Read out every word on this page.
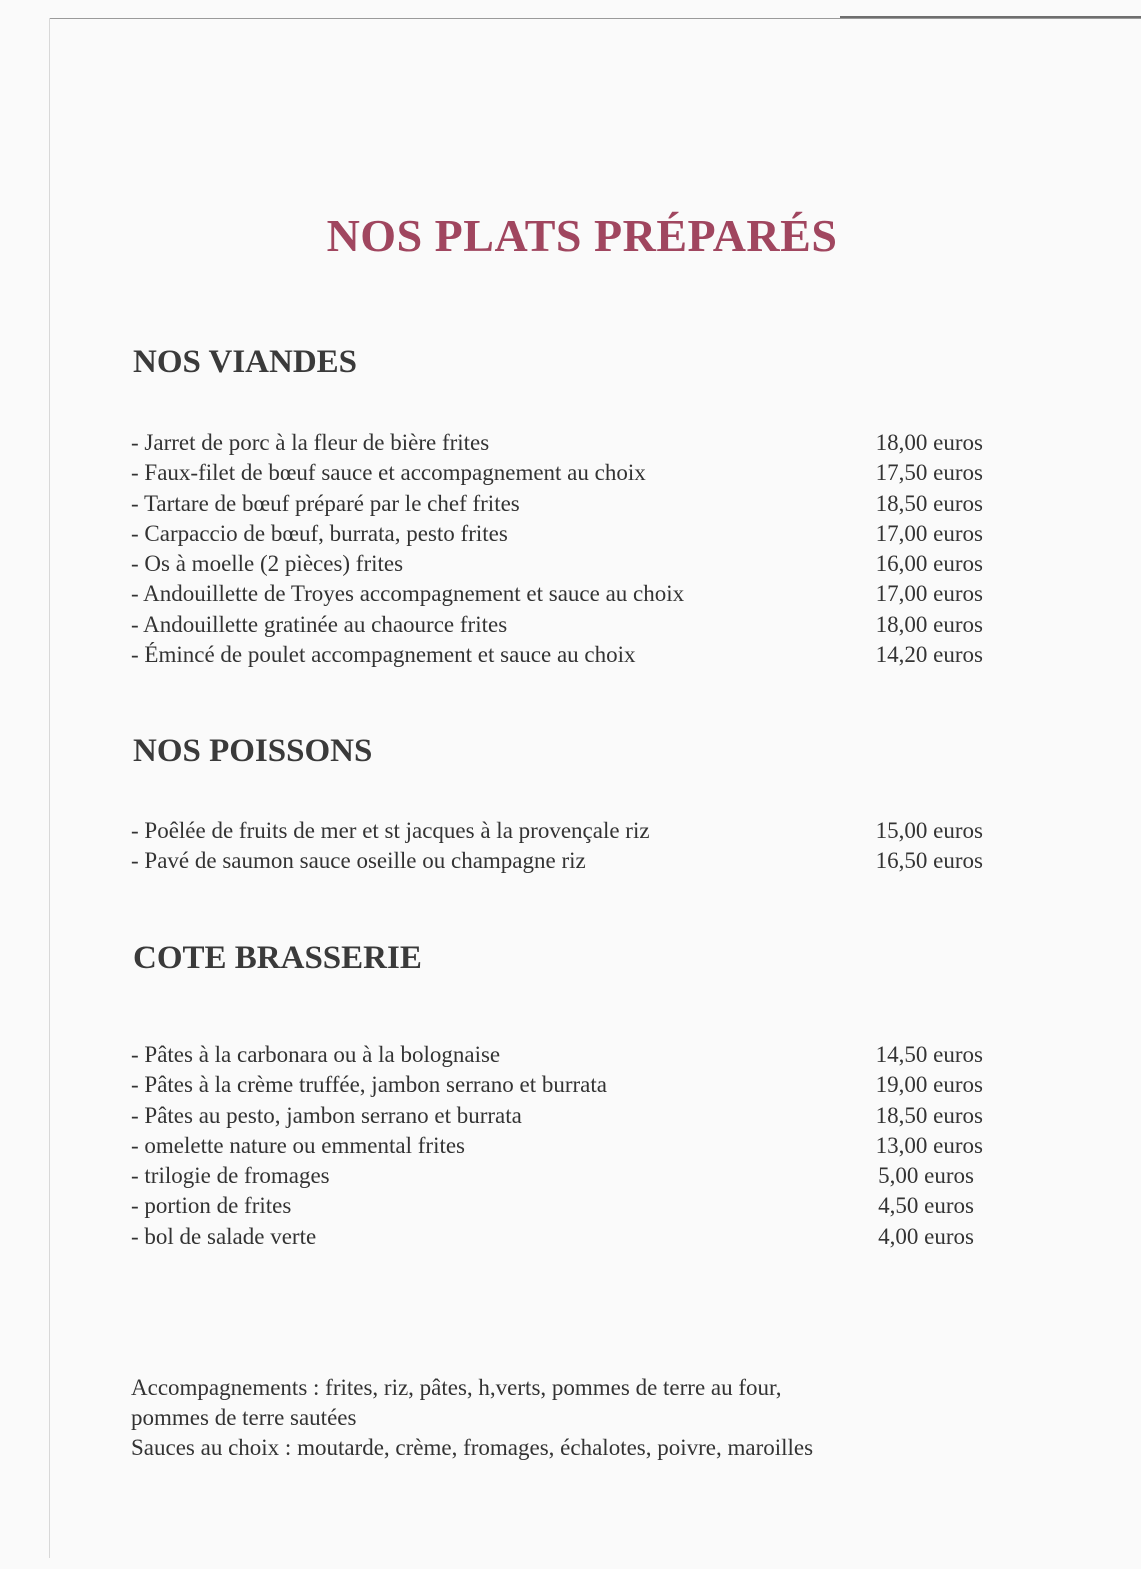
NOS PLATS PRÉPARÉS
NOS VIANDES
- Jarret de porc à la fleur de bière frites	18,00 euros
- Faux-filet de bœuf sauce et accompagnement au choix	17,50 euros
- Tartare de bœuf préparé par le chef frites	18,50 euros
- Carpaccio de bœuf, burrata, pesto frites	17,00 euros
- Os à moelle (2 pièces) frites	16,00 euros
- Andouillette de Troyes accompagnement et sauce au choix	17,00 euros
- Andouillette gratinée au chaource frites	18,00 euros
- Émincé de poulet accompagnement et sauce au choix	14,20 euros
NOS POISSONS
- Poêlée de fruits de mer et st jacques à la provençale riz	15,00 euros
- Pavé de saumon sauce oseille ou champagne riz	16,50 euros
COTE BRASSERIE
- Pâtes à la carbonara ou à la bolognaise	14,50 euros
- Pâtes à la crème truffée, jambon serrano et burrata	19,00 euros
- Pâtes au pesto, jambon serrano et burrata	18,50 euros
- omelette nature ou emmental frites	13,00 euros
- trilogie de fromages	5,00 euros
- portion de frites	4,50 euros
- bol de salade verte	4,00 euros
Accompagnements : frites, riz, pâtes, h,verts, pommes de terre au four,
pommes de terre sautées
Sauces au choix : moutarde, crème, fromages, échalotes, poivre, maroilles
